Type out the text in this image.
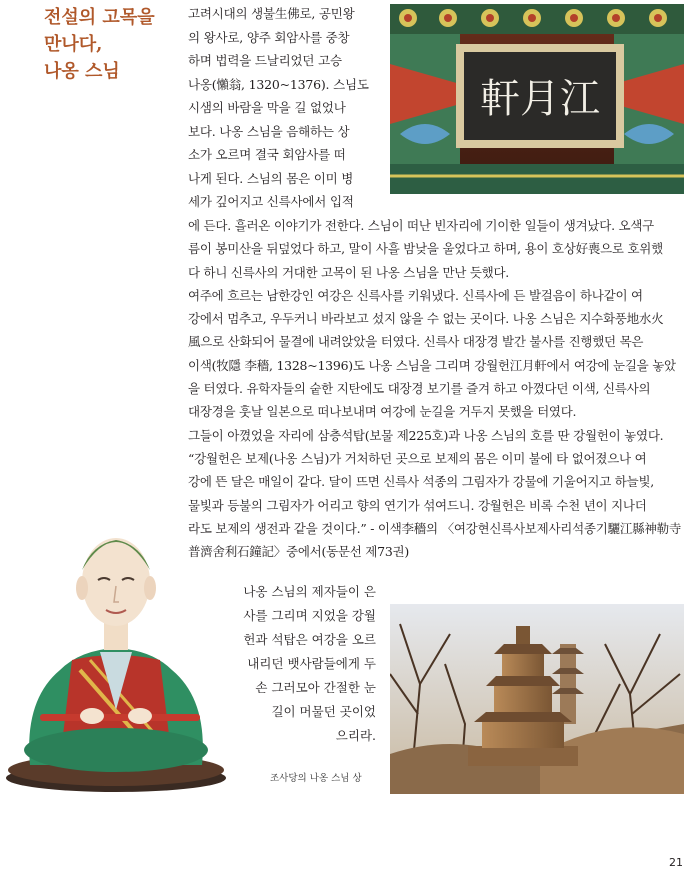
전설의 고목을
만나다,
나옹 스님
고려시대의 생불生佛로, 공민왕
의 왕사로, 양주 회암사를 중창
하며 법력을 드날리었던 고승
나옹(懶翁, 1320~1376). 스님도
시샘의 바람을 막을 길 없었나
보다. 나옹 스님을 음해하는 상
소가 오르며 결국 회암사를 떠
나게 된다. 스님의 몸은 이미 병
세가 깊어지고 신륵사에서 입적
軒月江
에 든다. 흘러온 이야기가 전한다. 스님이 떠난 빈자리에 기이한 일들이 생겨났다. 오색구
름이 봉미산을 뒤덮었다 하고, 말이 사흘 밤낮을 울었다고 하며, 용이 호상好喪으로 호위했
다 하니 신륵사의 거대한 고목이 된 나옹 스님을 만난 듯했다.
여주에 흐르는 남한강인 여강은 신륵사를 키워냈다. 신륵사에 든 발걸음이 하나같이 여
강에서 멈추고, 우두커니 바라보고 섰지 않을 수 없는 곳이다. 나옹 스님은 지수화풍地水火
風으로 산화되어 물결에 내려앉았을 터였다. 신륵사 대장경 발간 불사를 진행했던 목은
이색(牧隱 李穡, 1328~1396)도 나옹 스님을 그리며 강월헌江月軒에서 여강에 눈길을 놓았
을 터였다. 유학자들의 숱한 지탄에도 대장경 보기를 즐겨 하고 아꼈다던 이색, 신륵사의
대장경을 훗날 일본으로 떠나보내며 여강에 눈길을 거두지 못했을 터였다.
그들이 아꼈었을 자리에 삼층석탑(보물 제225호)과 나옹 스님의 호를 딴 강월헌이 놓였다.
“강월헌은 보제(나옹 스님)가 거처하던 곳으로 보제의 몸은 이미 불에 타 없어졌으나 여
강에 뜬 달은 매일이 같다. 달이 뜨면 신륵사 석종의 그림자가 강물에 기울어지고 하늘빛,
물빛과 등불의 그림자가 어리고 향의 연기가 섞여드니. 강월헌은 비록 수천 년이 지나더
라도 보제의 생전과 같을 것이다.” - 이색李穡의 〈여강현신륵사보제사리석종기驪江縣神勒寺
普濟舍利石鐘記〉중에서(동문선 제73권)
나옹 스님의 제자들이 은
사를 그리며 지었을 강월
헌과 석탑은 여강을 오르
내리던 뱃사람들에게 두
손 그러모아 간절한 눈
길이 머물던 곳이었
으리라.
조사당의 나옹 스님 상
21
